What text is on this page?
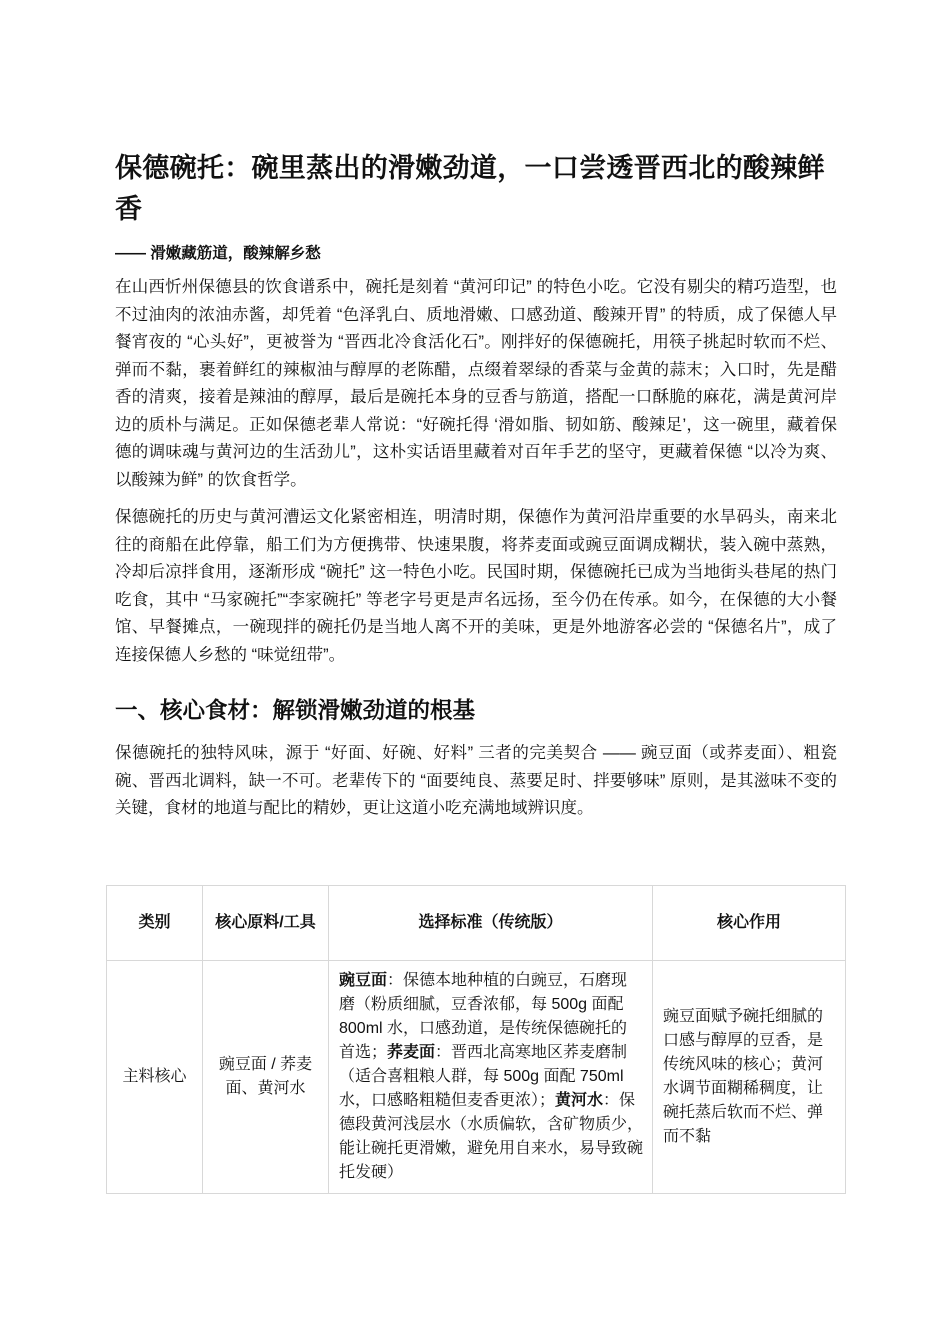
保德碗托：碗里蒸出的滑嫩劲道，一口尝透晋西北的酸辣鲜香

—— 滑嫩藏筋道，酸辣解乡愁

在山西忻州保德县的饮食谱系中，碗托是刻着 “黄河印记” 的特色小吃。它没有剔尖的精巧造型，也不过油肉的浓油赤酱，却凭着 “色泽乳白、质地滑嫩、口感劲道、酸辣开胃” 的特质，成了保德人早餐宵夜的 “心头好”，更被誉为 “晋西北冷食活化石”。刚拌好的保德碗托，用筷子挑起时软而不烂、弹而不黏，裹着鲜红的辣椒油与醇厚的老陈醋，点缀着翠绿的香菜与金黄的蒜末；入口时，先是醋香的清爽，接着是辣油的醇厚，最后是碗托本身的豆香与筋道，搭配一口酥脆的麻花，满是黄河岸边的质朴与满足。正如保德老辈人常说：“好碗托得 ‘滑如脂、韧如筋、酸辣足’，这一碗里，藏着保德的调味魂与黄河边的生活劲儿”，这朴实话语里藏着对百年手艺的坚守，更藏着保德 “以冷为爽、以酸辣为鲜” 的饮食哲学。

保德碗托的历史与黄河漕运文化紧密相连，明清时期，保德作为黄河沿岸重要的水旱码头，南来北往的商船在此停靠，船工们为方便携带、快速果腹，将荞麦面或豌豆面调成糊状，装入碗中蒸熟，冷却后凉拌食用，逐渐形成 “碗托” 这一特色小吃。民国时期，保德碗托已成为当地街头巷尾的热门吃食，其中 “马家碗托”“李家碗托” 等老字号更是声名远扬，至今仍在传承。如今，在保德的大小餐馆、早餐摊点，一碗现拌的碗托仍是当地人离不开的美味，更是外地游客必尝的 “保德名片”，成了连接保德人乡愁的 “味觉纽带”。

一、核心食材：解锁滑嫩劲道的根基

保德碗托的独特风味，源于 “好面、好碗、好料” 三者的完美契合 —— 豌豆面（或荞麦面）、粗瓷碗、晋西北调料，缺一不可。老辈传下的 “面要纯良、蒸要足时、拌要够味” 原则，是其滋味不变的关键，食材的地道与配比的精妙，更让这道小吃充满地域辨识度。

类别	核心原料/工具	选择标准（传统版）	核心作用
主料核心	豌豆面 / 荞麦面、黄河水	豌豆面：保德本地种植的白豌豆，石磨现磨（粉质细腻，豆香浓郁，每 500g 面配 800ml 水，口感劲道，是传统保德碗托的首选；荞麦面：晋西北高寒地区荞麦磨制（适合喜粗粮人群，每 500g 面配 750ml 水，口感略粗糙但麦香更浓）；黄河水：保德段黄河浅层水（水质偏软，含矿物质少，能让碗托更滑嫩，避免用自来水，易导致碗托发硬）	豌豆面赋予碗托细腻的口感与醇厚的豆香，是传统风味的核心；黄河水调节面糊稀稠度，让碗托蒸后软而不烂、弹而不黏
